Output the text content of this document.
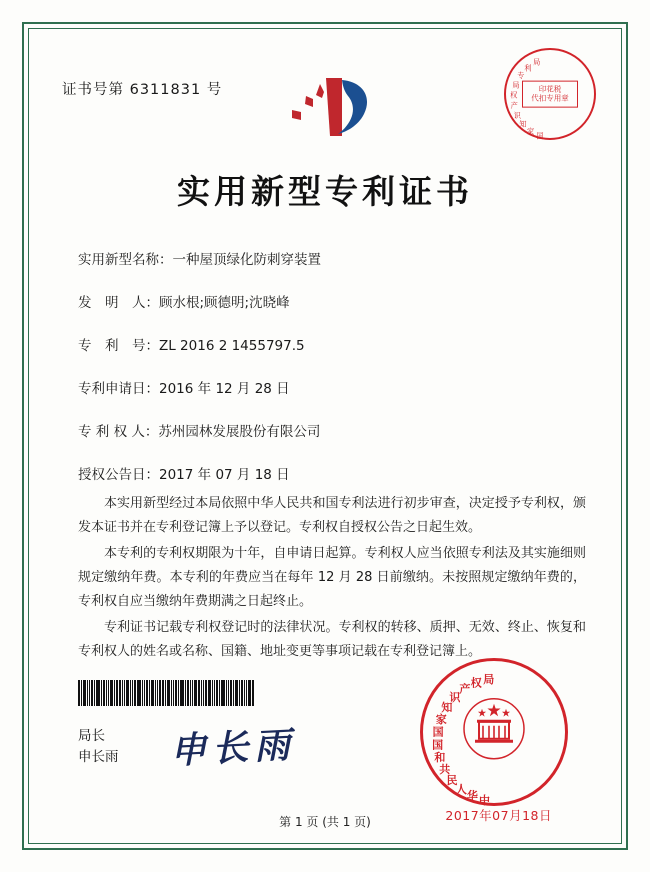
证书号第 6311831 号
国
家
知
识
产
权
局
专
利
局
印花税
代扣专用章
实用新型专利证书
实用新型名称：一种屋顶绿化防刺穿装置
发　明　人：顾水根;顾德明;沈晓峰
专　利　号：ZL 2016 2 1455797.5
专利申请日：2016 年 12 月 28 日
专 利 权 人：苏州园林发展股份有限公司
授权公告日：2017 年 07 月 18 日

本实用新型经过本局依照中华人民共和国专利法进行初步审查，决定授予专利权，颁发本证书并在专利登记簿上予以登记。专利权自授权公告之日起生效。

本专利的专利权期限为十年，自申请日起算。专利权人应当依照专利法及其实施细则规定缴纳年费。本专利的年费应当在每年 12 月 28 日前缴纳。未按照规定缴纳年费的，专利权自应当缴纳年费期满之日起终止。

专利证书记载专利权登记时的法律状况。专利权的转移、质押、无效、终止、恢复和专利权人的姓名或名称、国籍、地址变更等事项记载在专利登记簿上。

局长
申长雨 申长雨
中
华
人
民
共
和
国
国
家
知
识
产 权 局
2017年07月18日
第 1 页 (共 1 页)
